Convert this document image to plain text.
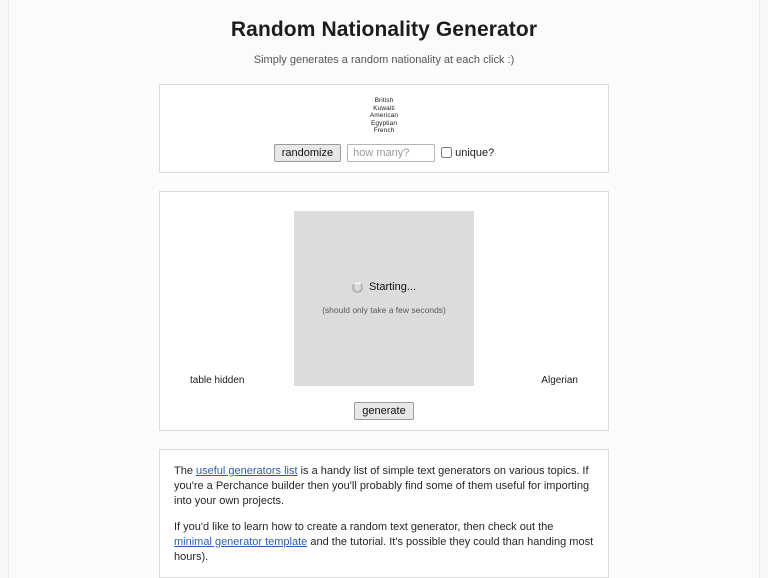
Random Nationality Generator

Simply generates a random nationality at each click :)

British
Kuwaiti
American
Egyptian
French
randomize
how many?	unique?
table hidden
Starting...
(should only take a few seconds)
Algerian
generate

The useful generators list is a handy list of simple text generators on various topics. If you're a Perchance builder then you'll probably find some of them useful for importing into your own projects.

If you'd like to learn how to create a random text generator, then check out the minimal generator template and the tutorial. It's possible they could than handing most hours).
